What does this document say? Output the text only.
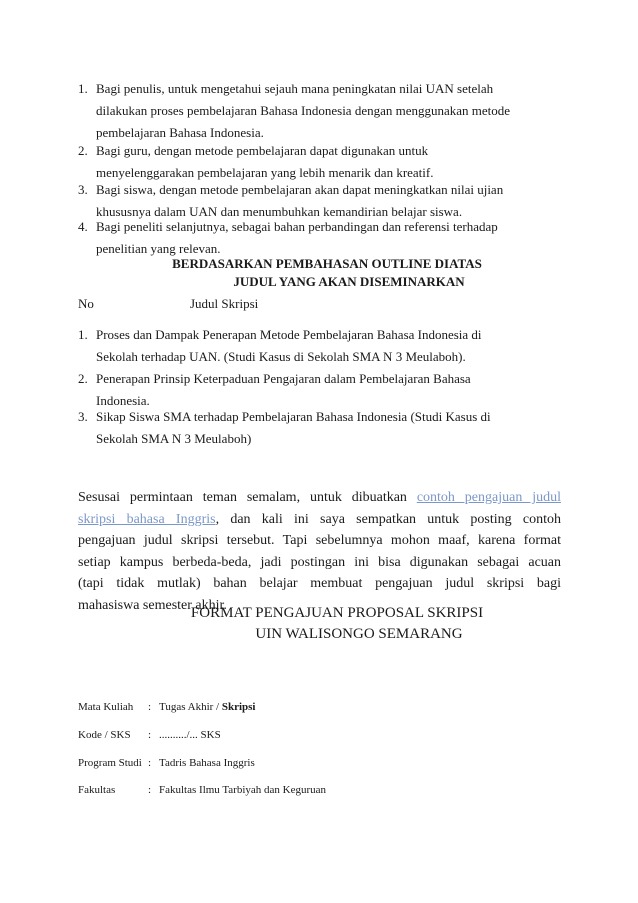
1. Bagi penulis, untuk mengetahui sejauh mana peningkatan nilai UAN setelah
dilakukan proses pembelajaran Bahasa Indonesia dengan menggunakan metode
pembelajaran Bahasa Indonesia.
2. Bagi guru, dengan metode pembelajaran dapat digunakan untuk
menyelenggarakan pembelajaran yang lebih menarik dan kreatif.
3. Bagi siswa, dengan metode pembelajaran akan dapat meningkatkan nilai ujian
khususnya dalam UAN dan menumbuhkan kemandirian belajar siswa.
4. Bagi peneliti selanjutnya, sebagai bahan perbandingan dan referensi terhadap
penelitian yang relevan.
BERDASARKAN PEMBAHASAN OUTLINE DIATAS
JUDUL YANG AKAN DISEMINARKAN
No	Judul Skripsi
1. Proses dan Dampak Penerapan Metode Pembelajaran Bahasa Indonesia di
Sekolah terhadap UAN. (Studi Kasus di Sekolah SMA N 3 Meulaboh).
2. Penerapan Prinsip Keterpaduan Pengajaran dalam Pembelajaran Bahasa
Indonesia.
3. Sikap Siswa SMA terhadap Pembelajaran Bahasa Indonesia (Studi Kasus di
Sekolah SMA N 3 Meulaboh)
Sesusai permintaan teman semalam, untuk dibuatkan contoh pengajuan judul
skripsi bahasa Inggris, dan kali ini saya sempatkan untuk posting contoh
pengajuan judul skripsi tersebut. Tapi sebelumnya mohon maaf, karena format
setiap kampus berbeda-beda, jadi postingan ini bisa digunakan sebagai acuan
(tapi tidak mutlak) bahan belajar membuat pengajuan judul skripsi bagi
mahasiswa semester akhir.
FORMAT PENGAJUAN PROPOSAL SKRIPSI
UIN WALISONGO SEMARANG
Mata Kuliah : Tugas Akhir / Skripsi
Kode / SKS : ........../... SKS
Program Studi : Tadris Bahasa Inggris
Fakultas	: Fakultas Ilmu Tarbiyah dan Keguruan
